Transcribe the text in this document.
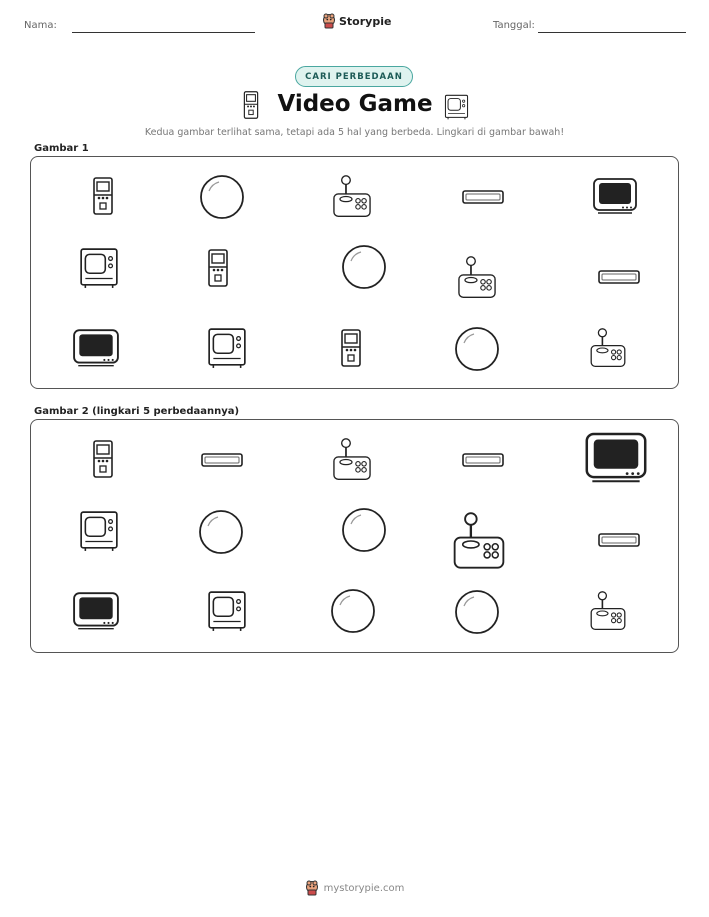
Nama:	Storypie	Tanggal:
CARI PERBEDAAN
Video Game
Kedua gambar terlihat sama, tetapi ada 5 hal yang berbeda. Lingkari di gambar bawah!
Gambar 1
Gambar 2 (lingkari 5 perbedaannya)
mystorypie.com
